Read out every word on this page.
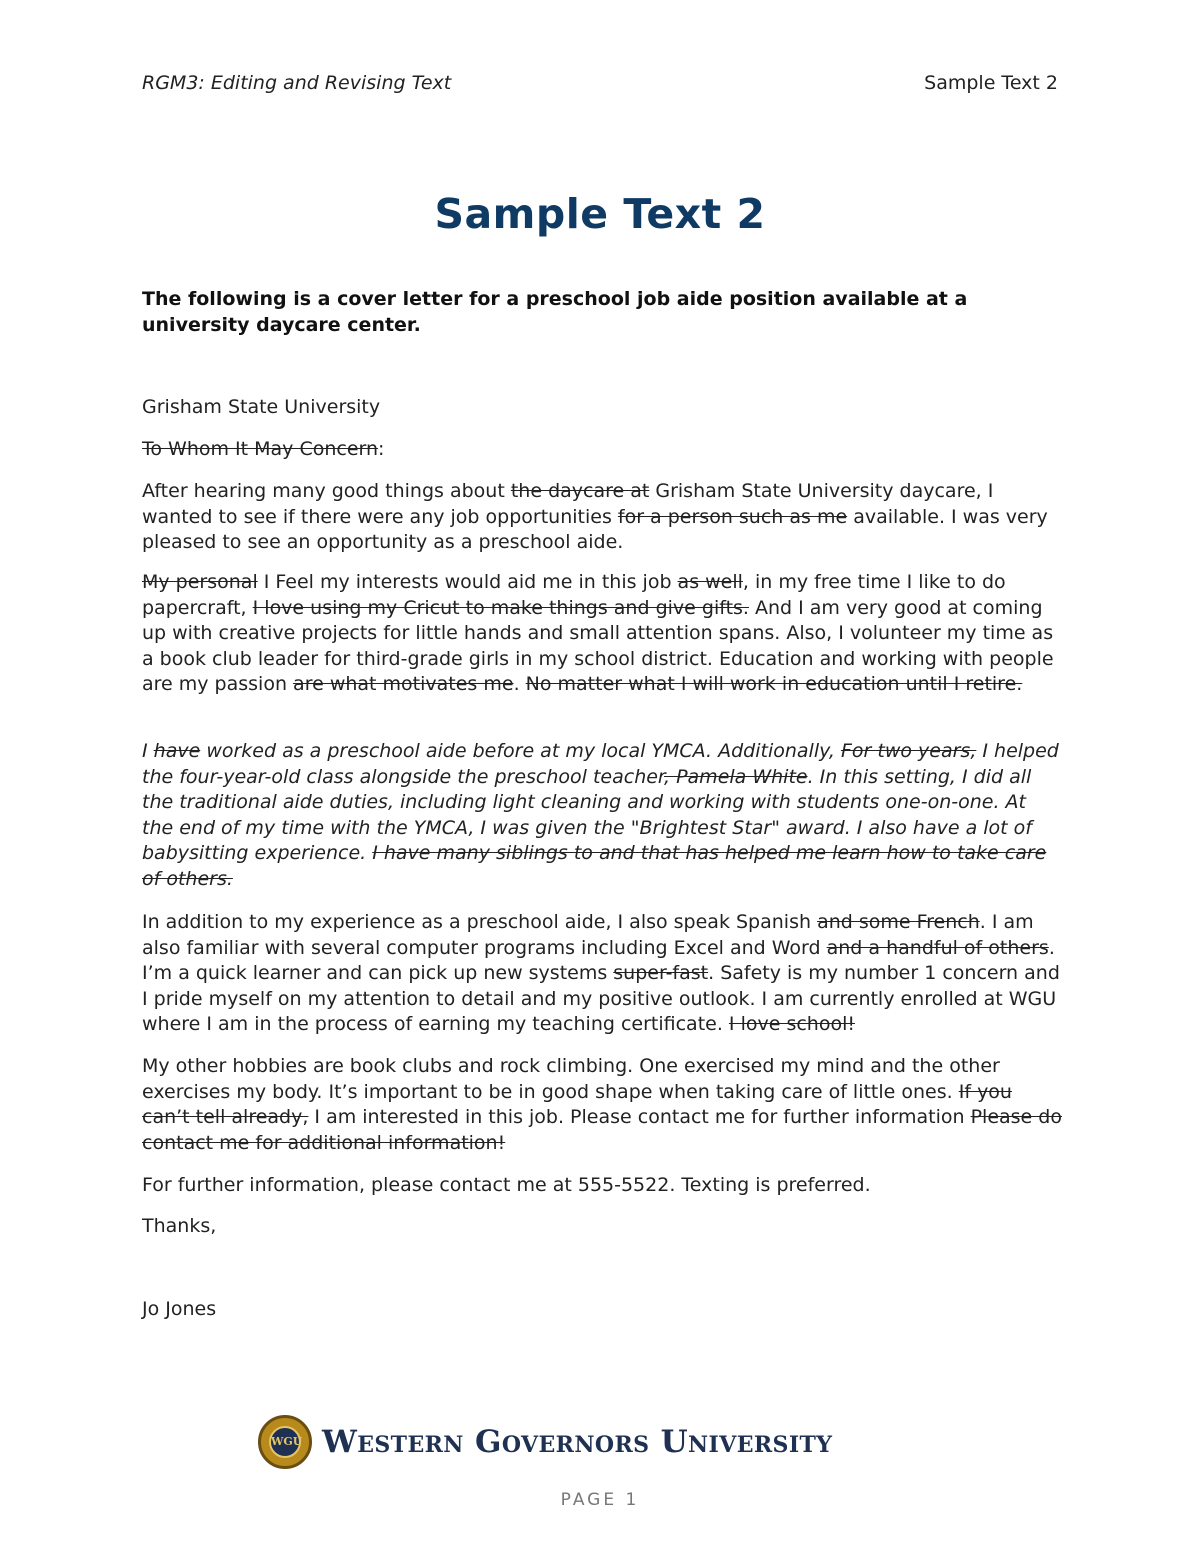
RGM3: Editing and Revising Text	Sample Text 2
Sample Text 2
The following is a cover letter for a preschool job aide position available at a university daycare center.

Grisham State University

To Whom It May Concern:

After hearing many good things about the daycare at Grisham State University daycare, I wanted to see if there were any job opportunities for a person such as me available. I was very pleased to see an opportunity as a preschool aide.

My personal I Feel my interests would aid me in this job as well, in my free time I like to do papercraft, I love using my Cricut to make things and give gifts. And I am very good at coming up with creative projects for little hands and small attention spans. Also, I volunteer my time as a book club leader for third-grade girls in my school district. Education and working with people are my passion are what motivates me. No matter what I will work in education until I retire.

I have worked as a preschool aide before at my local YMCA. Additionally, For two years, I helped the four-year-old class alongside the preschool teacher, Pamela White. In this setting, I did all the traditional aide duties, including light cleaning and working with students one-on-one. At the end of my time with the YMCA, I was given the "Brightest Star" award. I also have a lot of babysitting experience. I have many siblings to and that has helped me learn how to take care of others.

In addition to my experience as a preschool aide, I also speak Spanish and some French. I am also familiar with several computer programs including Excel and Word and a handful of others. I’m a quick learner and can pick up new systems super-fast. Safety is my number 1 concern and I pride myself on my attention to detail and my positive outlook. I am currently enrolled at WGU where I am in the process of earning my teaching certificate. I love school!

My other hobbies are book clubs and rock climbing. One exercised my mind and the other exercises my body. It’s important to be in good shape when taking care of little ones. If you can’t tell already, I am interested in this job. Please contact me for further information Please do contact me for additional information!

For further information, please contact me at 555-5522. Texting is preferred.

Thanks,

Jo Jones

WGU Western Governors University
PAGE 1
